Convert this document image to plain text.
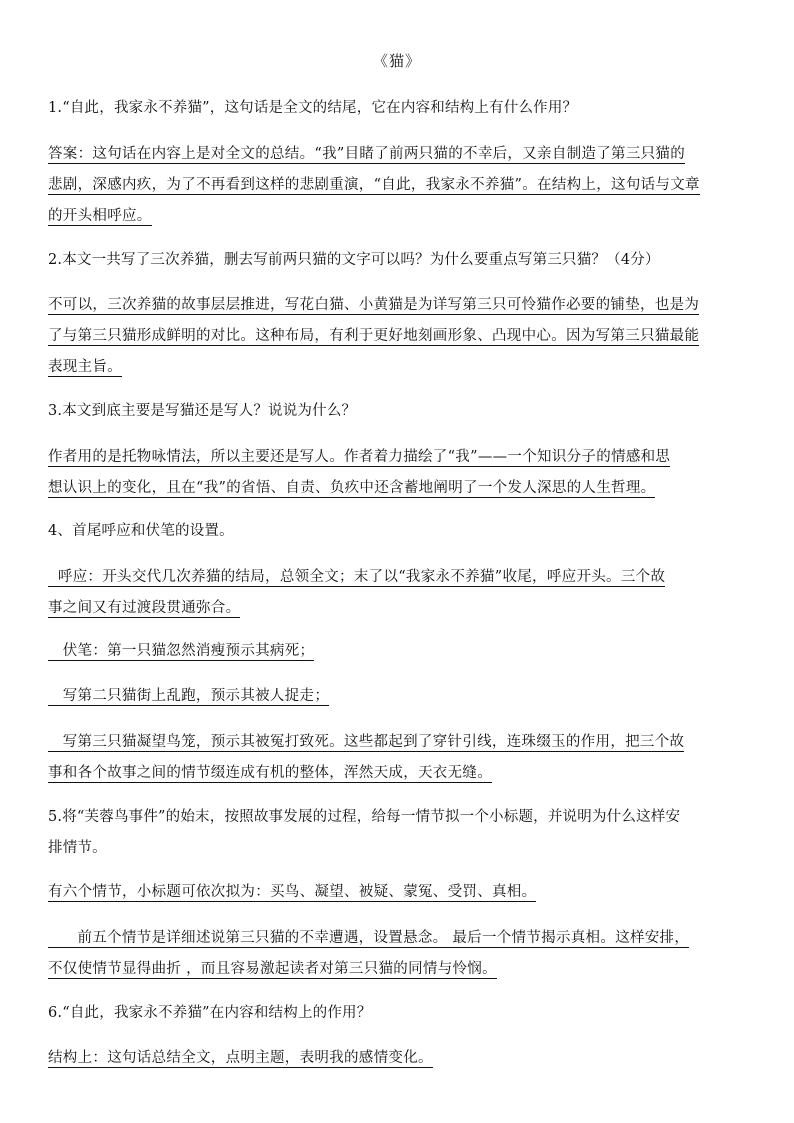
《猫》
1.“自此，我家永不养猫”，这句话是全文的结尾，它在内容和结构上有什么作用？
答案：这句话在内容上是对全文的总结。“我”目睹了前两只猫的不幸后，又亲自制造了第三只猫的
悲剧，深感内疚，为了不再看到这样的悲剧重演，“自此，我家永不养猫”。在结构上，这句话与文章
的开头相呼应。
2.本文一共写了三次养猫，删去写前两只猫的文字可以吗？为什么要重点写第三只猫？（4分）
不可以，三次养猫的故事层层推进，写花白猫、小黄猫是为详写第三只可怜猫作必要的铺垫，也是为
了与第三只猫形成鲜明的对比。这种布局，有利于更好地刻画形象、凸现中心。因为写第三只猫最能
表现主旨。
3.本文到底主要是写猫还是写人？说说为什么？
作者用的是托物咏情法，所以主要还是写人。作者着力描绘了“我”——一个知识分子的情感和思
想认识上的变化，且在“我”的省悟、自责、负疚中还含蓄地阐明了一个发人深思的人生哲理。
4、首尾呼应和伏笔的设置。
呼应：开头交代几次养猫的结局，总领全文；末了以“我家永不养猫”收尾，呼应开头。三个故
事之间又有过渡段贯通弥合。
伏笔：第一只猫忽然消瘦预示其病死；
写第二只猫街上乱跑，预示其被人捉走；
写第三只猫凝望鸟笼，预示其被冤打致死。这些都起到了穿针引线，连珠缀玉的作用，把三个故
事和各个故事之间的情节缀连成有机的整体，浑然天成，天衣无缝。
5.将“芙蓉鸟事件”的始末，按照故事发展的过程，给每一情节拟一个小标题，并说明为什么这样安
排情节。
有六个情节，小标题可依次拟为：买鸟、凝望、被疑、蒙冤、受罚、真相。
前五个情节是详细述说第三只猫的不幸遭遇，设置悬念。 最后一个情节揭示真相。这样安排，
不仅使情节显得曲折 ，而且容易激起读者对第三只猫的同情与怜悯。
6.“自此，我家永不养猫”在内容和结构上的作用？
结构上：这句话总结全文，点明主题，表明我的感情变化。
